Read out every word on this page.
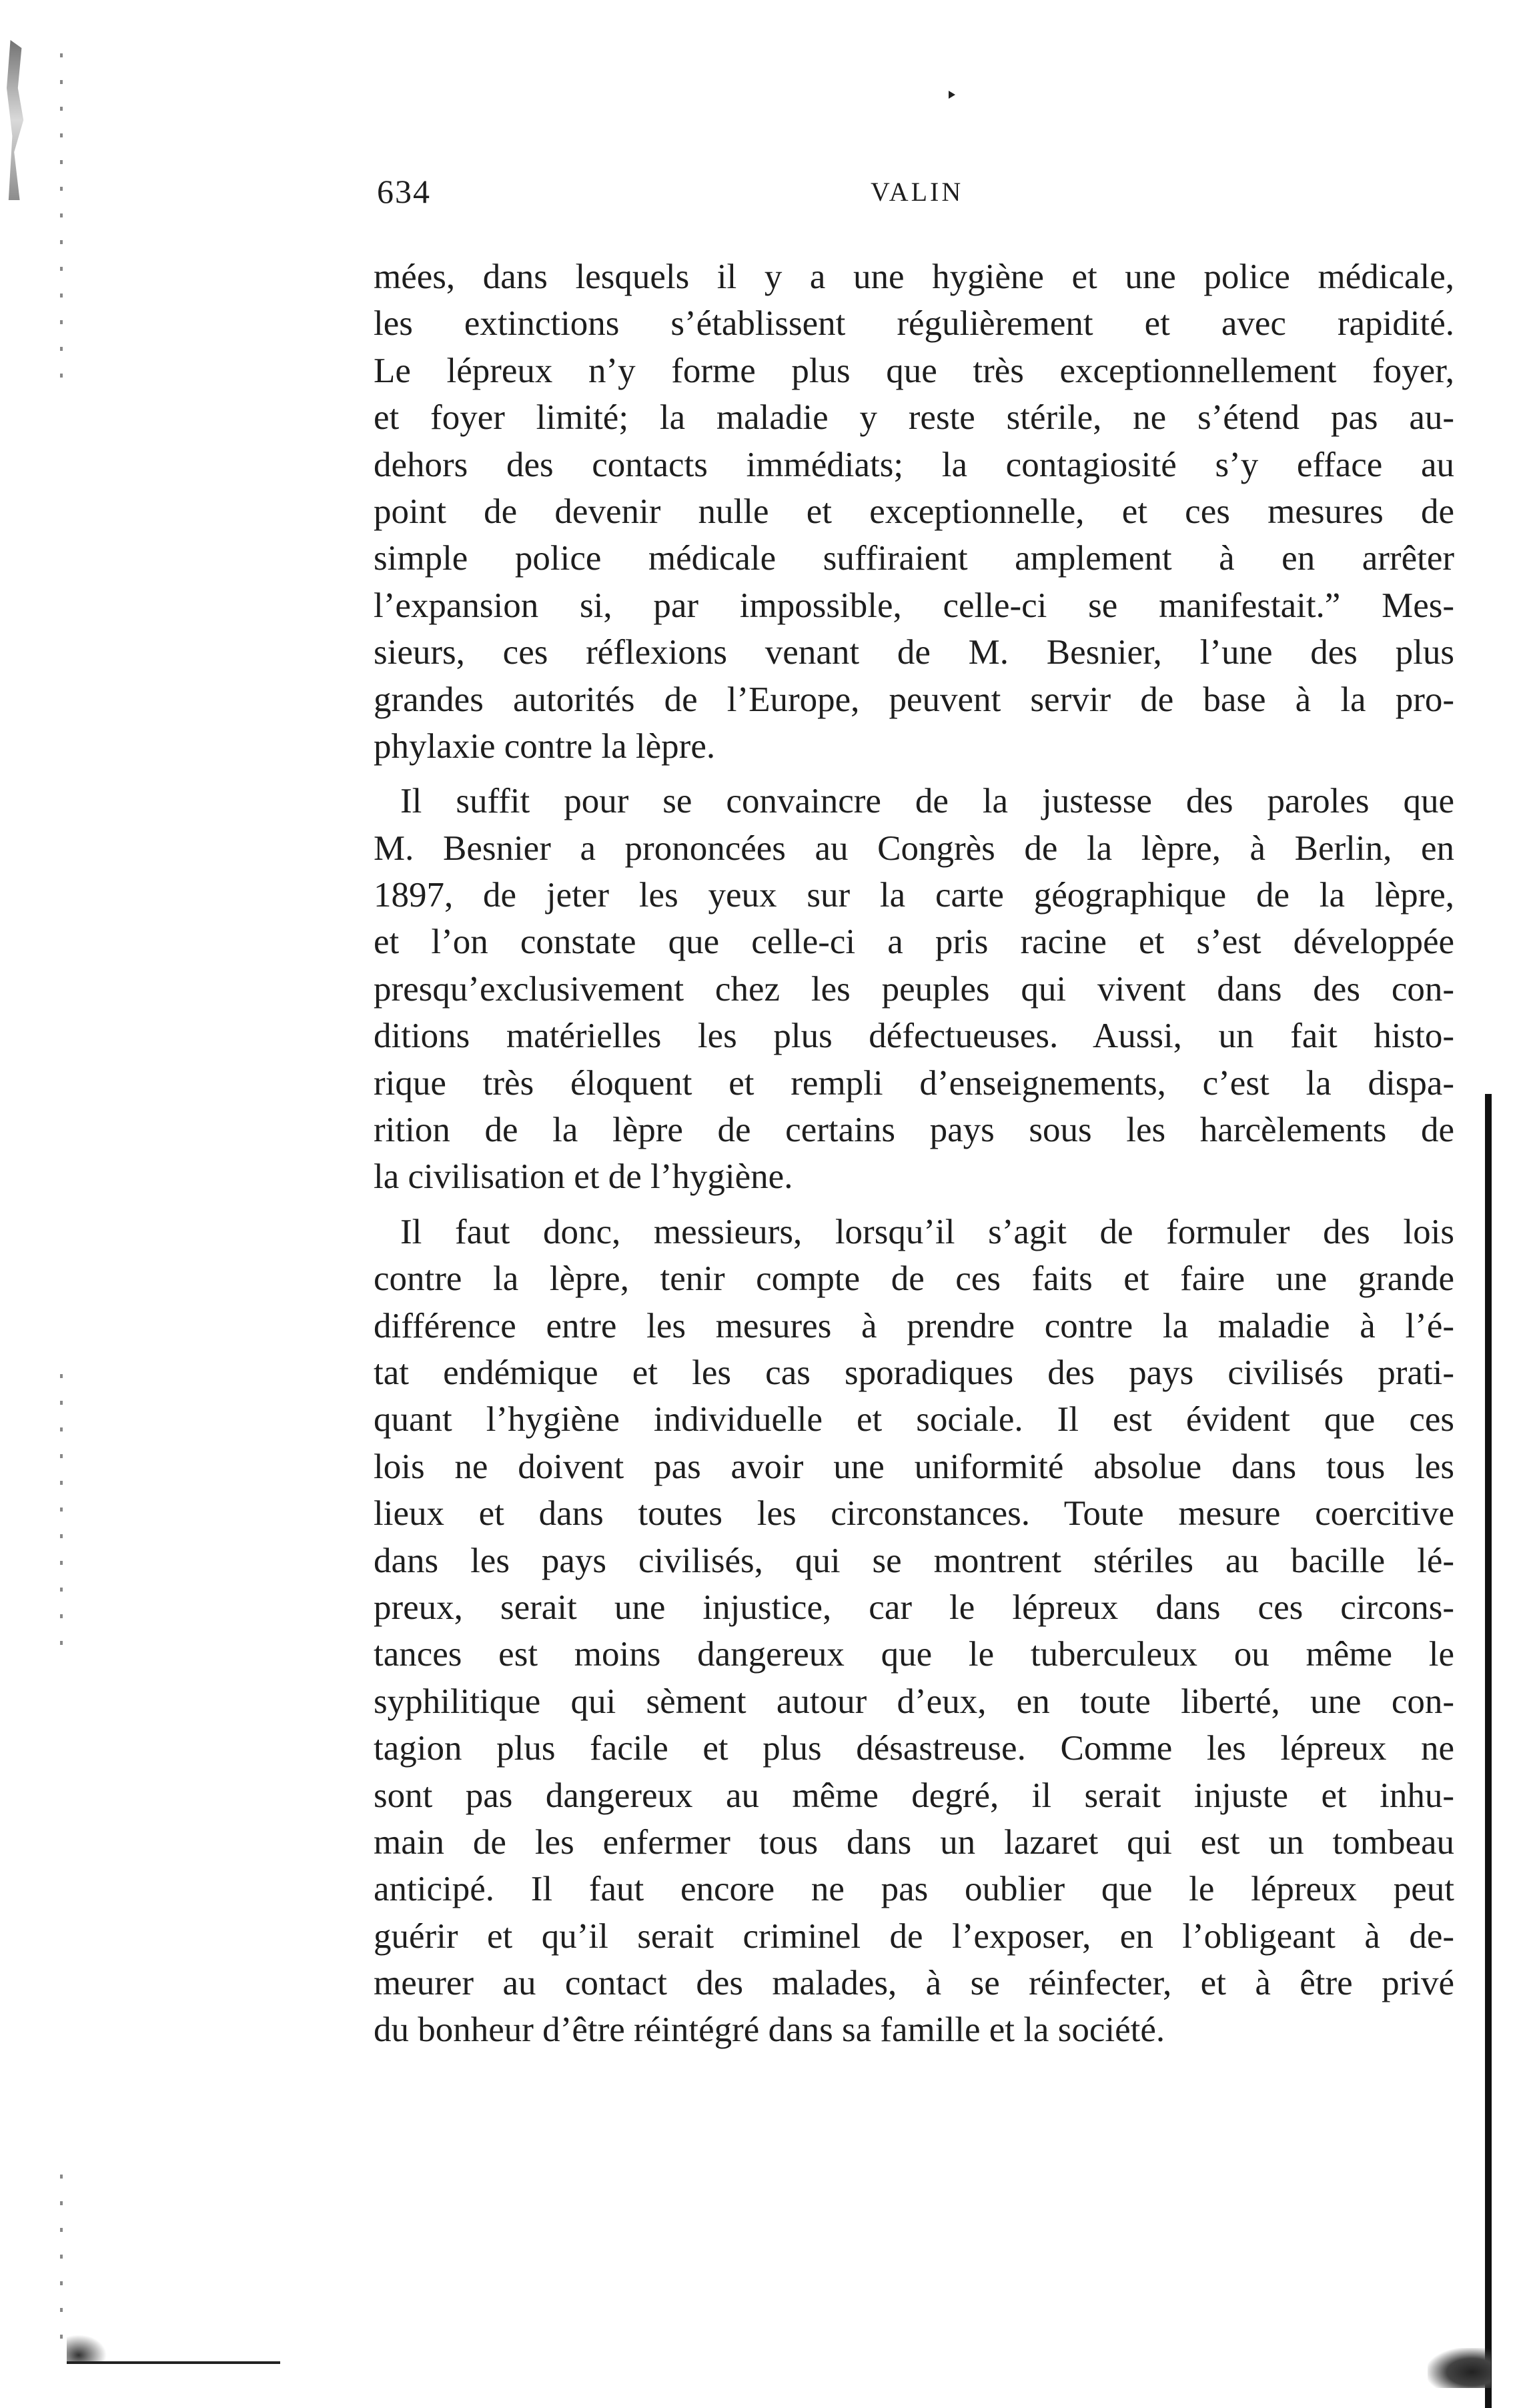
634	VALIN
mées, dans lesquels il y a une hygiène et une police médicale,
les extinctions s’établissent régulièrement et avec rapidité.
Le lépreux n’y forme plus que très exceptionnellement foyer,
et foyer limité; la maladie y reste stérile, ne s’étend pas au-
dehors des contacts immédiats; la contagiosité s’y efface au
point de devenir nulle et exceptionnelle, et ces mesures de
simple police médicale suffiraient amplement à en arrêter
l’expansion si, par impossible, celle-ci se manifestait.” Mes-
sieurs, ces réflexions venant de M. Besnier, l’une des plus
grandes autorités de l’Europe, peuvent servir de base à la pro-
phylaxie contre la lèpre.
Il suffit pour se convaincre de la justesse des paroles que
M. Besnier a prononcées au Congrès de la lèpre, à Berlin, en
1897, de jeter les yeux sur la carte géographique de la lèpre,
et l’on constate que celle-ci a pris racine et s’est développée
presqu’exclusivement chez les peuples qui vivent dans des con-
ditions matérielles les plus défectueuses. Aussi, un fait histo-
rique très éloquent et rempli d’enseignements, c’est la dispa-
rition de la lèpre de certains pays sous les harcèlements de
la civilisation et de l’hygiène.
Il faut donc, messieurs, lorsqu’il s’agit de formuler des lois
contre la lèpre, tenir compte de ces faits et faire une grande
différence entre les mesures à prendre contre la maladie à l’é-
tat endémique et les cas sporadiques des pays civilisés prati-
quant l’hygiène individuelle et sociale. Il est évident que ces
lois ne doivent pas avoir une uniformité absolue dans tous les
lieux et dans toutes les circonstances. Toute mesure coercitive
dans les pays civilisés, qui se montrent stériles au bacille lé-
preux, serait une injustice, car le lépreux dans ces circons-
tances est moins dangereux que le tuberculeux ou même le
syphilitique qui sèment autour d’eux, en toute liberté, une con-
tagion plus facile et plus désastreuse. Comme les lépreux ne
sont pas dangereux au même degré, il serait injuste et inhu-
main de les enfermer tous dans un lazaret qui est un tombeau
anticipé. Il faut encore ne pas oublier que le lépreux peut
guérir et qu’il serait criminel de l’exposer, en l’obligeant à de-
meurer au contact des malades, à se réinfecter, et à être privé
du bonheur d’être réintégré dans sa famille et la société.
